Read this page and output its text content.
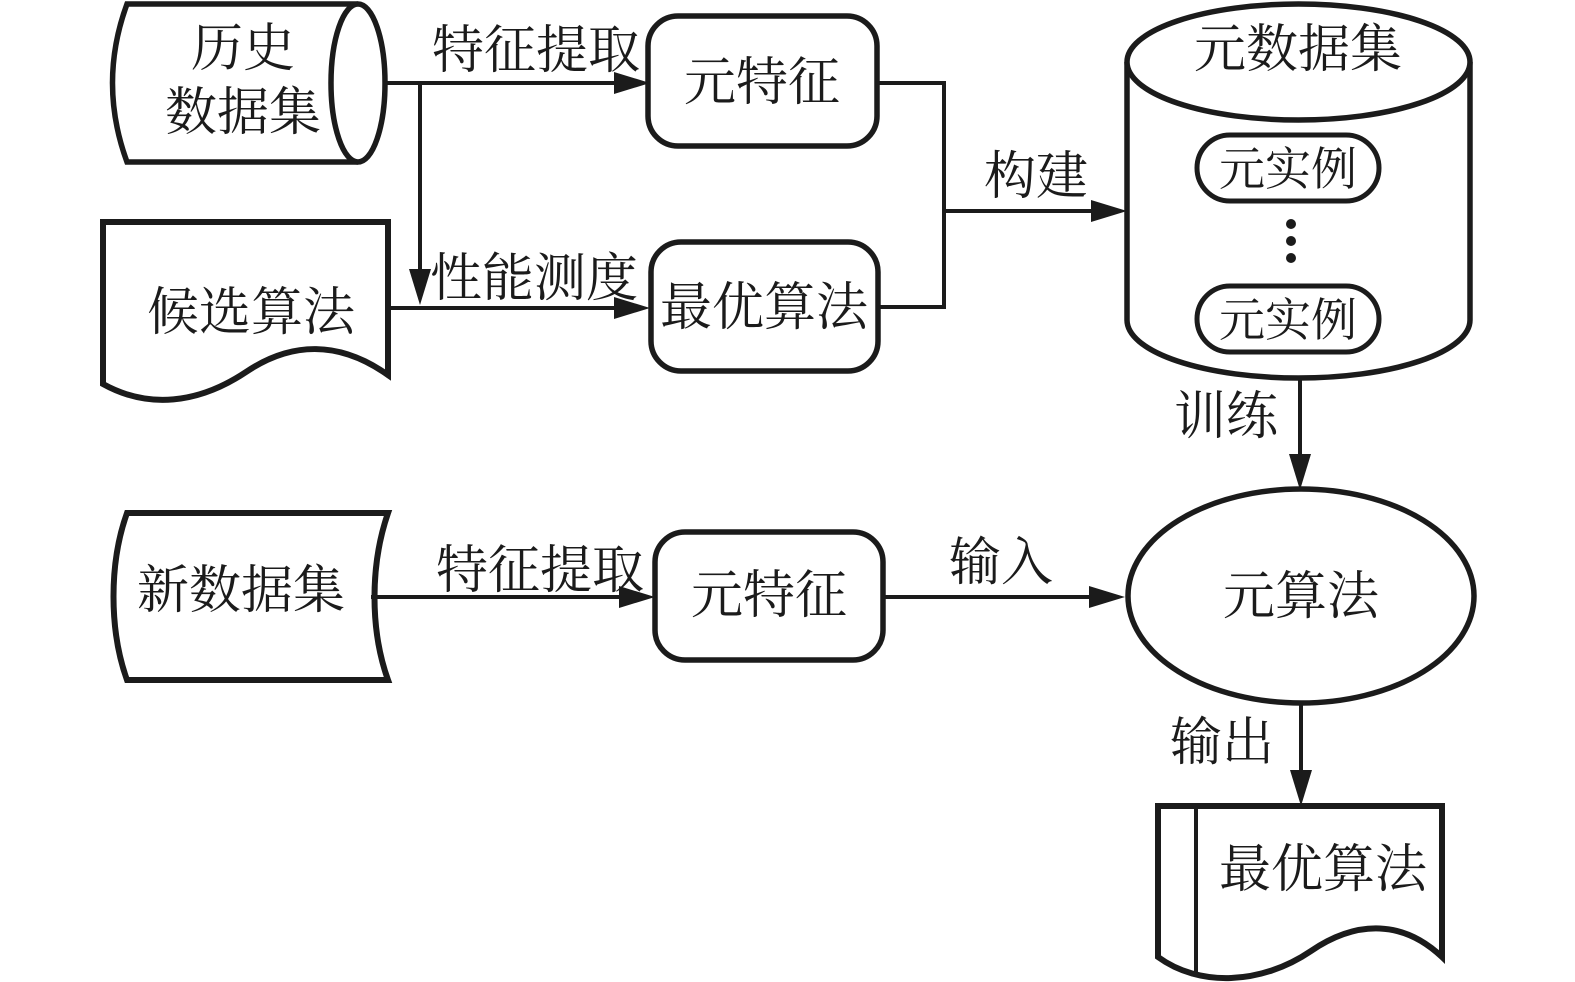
历史
数据集
特征提取
候选算法
性能测度
元特征
最优算法
构建
元数据集
元实例
元实例
训练
元算法
新数据集 特征提取 元特征
输入
输出
最优算法
